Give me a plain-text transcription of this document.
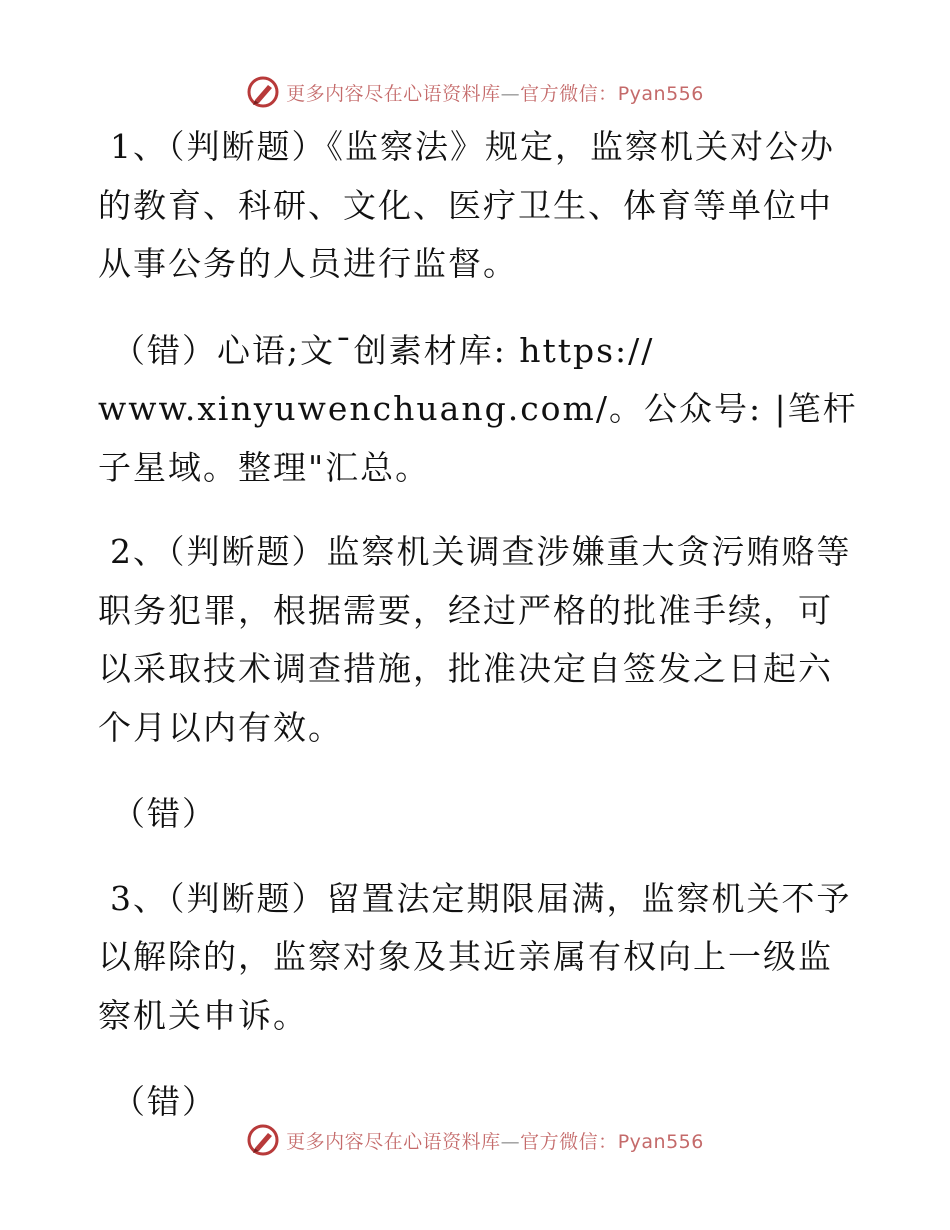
更多内容尽在心语资料库—官方微信：Pyan556

1、（判断题）《监察法》规定，监察机关对公办的教育、科研、文化、医疗卫生、体育等单位中从事公务的人员进行监督。

（错）心语;文¯创素材库: https://

www.xinyuwenchuang.com/。公众号: |笔杆子星域。整理"汇总。

2、（判断题）监察机关调查涉嫌重大贪污贿赂等职务犯罪，根据需要，经过严格的批准手续，可以采取技术调查措施，批准决定自签发之日起六个月以内有效。

（错）

3、（判断题）留置法定期限届满，监察机关不予以解除的，监察对象及其近亲属有权向上一级监察机关申诉。

（错）

更多内容尽在心语资料库—官方微信：Pyan556
